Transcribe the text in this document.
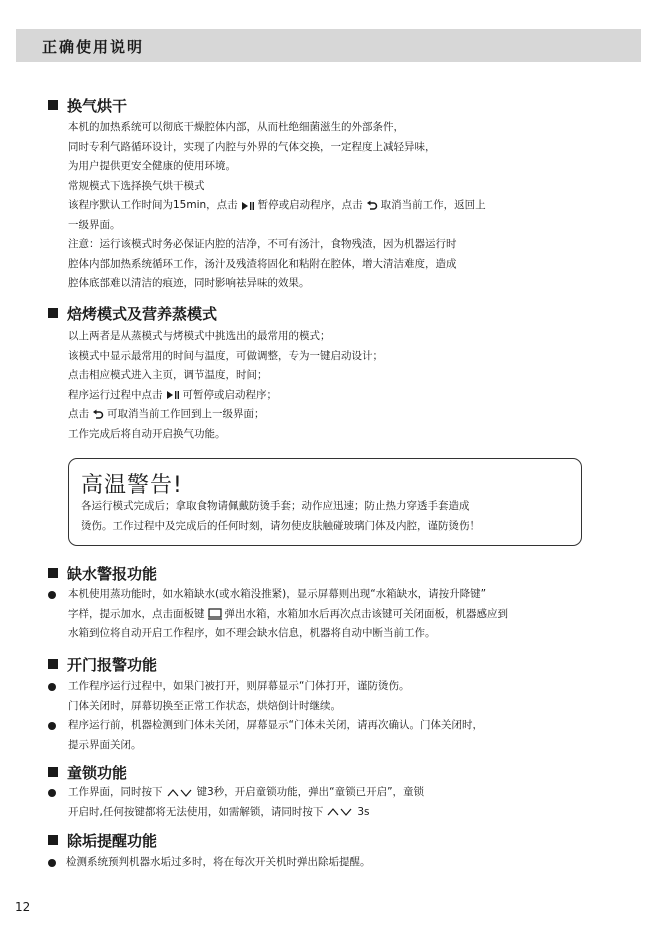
正确使用说明
换气烘干
本机的加热系统可以彻底干燥腔体内部，从而杜绝细菌滋生的外部条件，
同时专利气路循环设计，实现了内腔与外界的气体交换，一定程度上减轻异味，
为用户提供更安全健康的使用环境。
常规模式下选择换气烘干模式
该程序默认工作时间为15min，点击 暂停或启动程序，点击 取消当前工作，返回上
一级界面。
注意：运行该模式时务必保证内腔的洁净，不可有汤汁，食物残渣，因为机器运行时
腔体内部加热系统循环工作，汤汁及残渣将固化和粘附在腔体，增大清洁难度，造成
腔体底部难以清洁的痕迹，同时影响祛异味的效果。
焙烤模式及营养蒸模式
以上两者是从蒸模式与烤模式中挑选出的最常用的模式；
该模式中显示最常用的时间与温度，可做调整，专为一键启动设计；
点击相应模式进入主页，调节温度，时间；
程序运行过程中点击 可暂停或启动程序；
点击 可取消当前工作回到上一级界面；
工作完成后将自动开启换气功能。
高温警告!
各运行模式完成后；拿取食物请佩戴防烫手套；动作应迅速；防止热力穿透手套造成
烫伤。工作过程中及完成后的任何时刻，请勿使皮肤触碰玻璃门体及内腔，谨防烫伤！
缺水警报功能
本机使用蒸功能时，如水箱缺水(或水箱没推紧)，显示屏幕则出现“水箱缺水，请按升降键”
字样，提示加水，点击面板键 弹出水箱，水箱加水后再次点击该键可关闭面板，机器感应到
水箱到位将自动开启工作程序，如不理会缺水信息，机器将自动中断当前工作。
开门报警功能
工作程序运行过程中，如果门被打开，则屏幕显示“门体打开，谨防烫伤。
门体关闭时，屏幕切换至正常工作状态，烘焙倒计时继续。
程序运行前，机器检测到门体未关闭，屏幕显示“门体未关闭，请再次确认。门体关闭时，
提示界面关闭。
童锁功能
工作界面，同时按下	键3秒，开启童锁功能，弹出“童锁已开启”，童锁
开启时,任何按键都将无法使用，如需解锁，请同时按下	3s
除垢提醒功能
检测系统预判机器水垢过多时，将在每次开关机时弹出除垢提醒。
12
